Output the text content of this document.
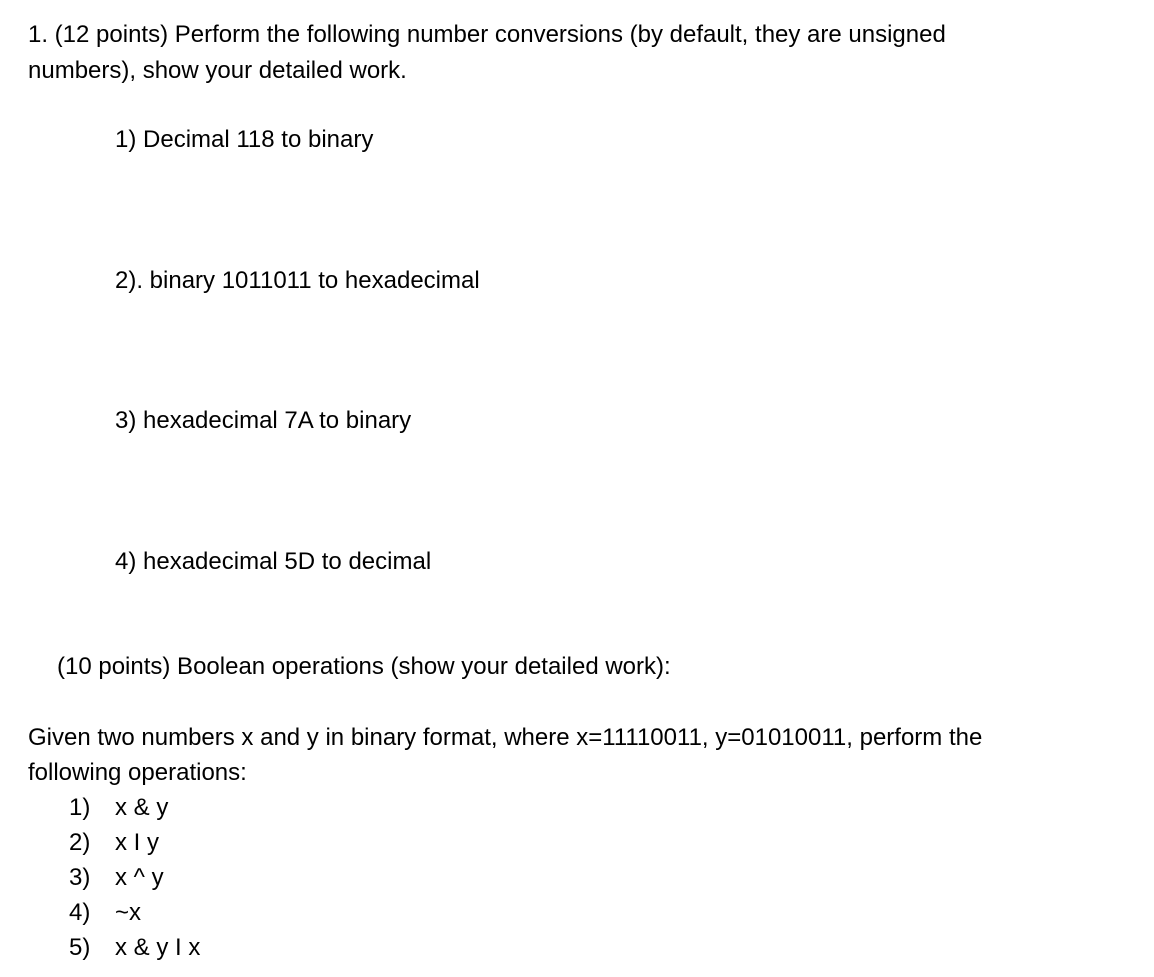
1. (12 points) Perform the following number conversions (by default, they are unsigned
numbers), show your detailed work.
1) Decimal 118 to binary
2). binary 1011011 to hexadecimal
3) hexadecimal 7A to binary
4) hexadecimal 5D to decimal
(10 points) Boolean operations (show your detailed work):
Given two numbers x and y in binary format, where x=11110011, y=01010011, perform the
following operations:
1) x & y
2) x I y
3) x ^ y
4) ~x
5) x & y I x
